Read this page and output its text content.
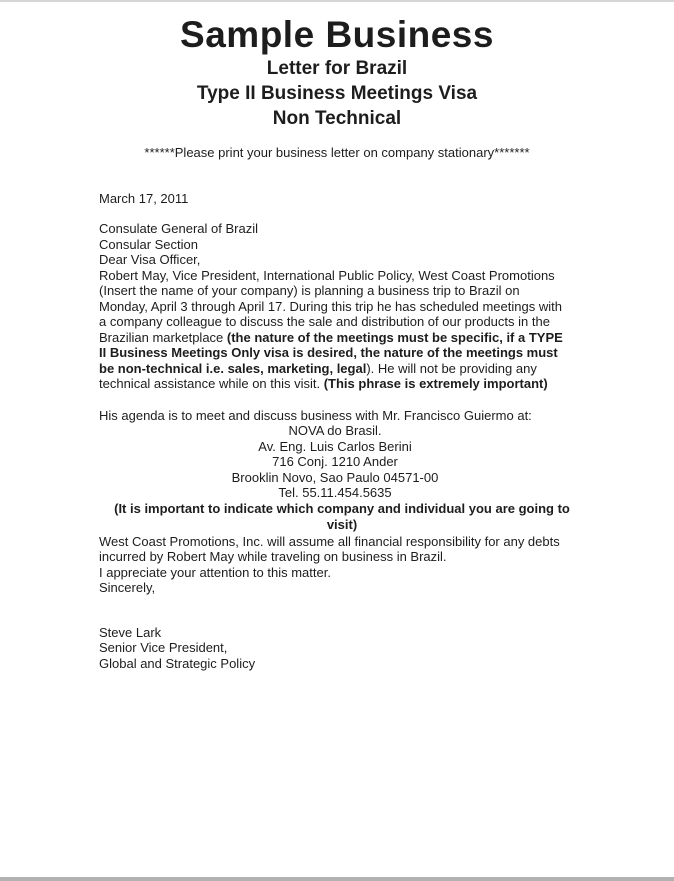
Sample Business
Letter for Brazil
Type II Business Meetings Visa
Non Technical
******Please print your business letter on company stationary*******

March 17, 2011

Consulate General of Brazil

Consular Section

Dear Visa Officer,

Robert May, Vice President, International Public Policy, West Coast Promotions (Insert the name of your company) is planning a business trip to Brazil on Monday, April 3 through April 17. During this trip he has scheduled meetings with a company colleague to discuss the sale and distribution of our products in the Brazilian marketplace (the nature of the meetings must be specific, if a TYPE II Business Meetings Only visa is desired, the nature of the meetings must be non-technical i.e. sales, marketing, legal). He will not be providing any technical assistance while on this visit. (This phrase is extremely important)

His agenda is to meet and discuss business with Mr. Francisco Guiermo at:

NOVA do Brasil.

Av. Eng. Luis Carlos Berini

716 Conj. 1210 Ander

Brooklin Novo, Sao Paulo 04571-00

Tel. 55.11.454.5635

(It is important to indicate which company and individual you are going to visit)

West Coast Promotions, Inc. will assume all financial responsibility for any debts incurred by Robert May while traveling on business in Brazil.

I appreciate your attention to this matter.

Sincerely,

Steve Lark

Senior Vice President,

Global and Strategic Policy
